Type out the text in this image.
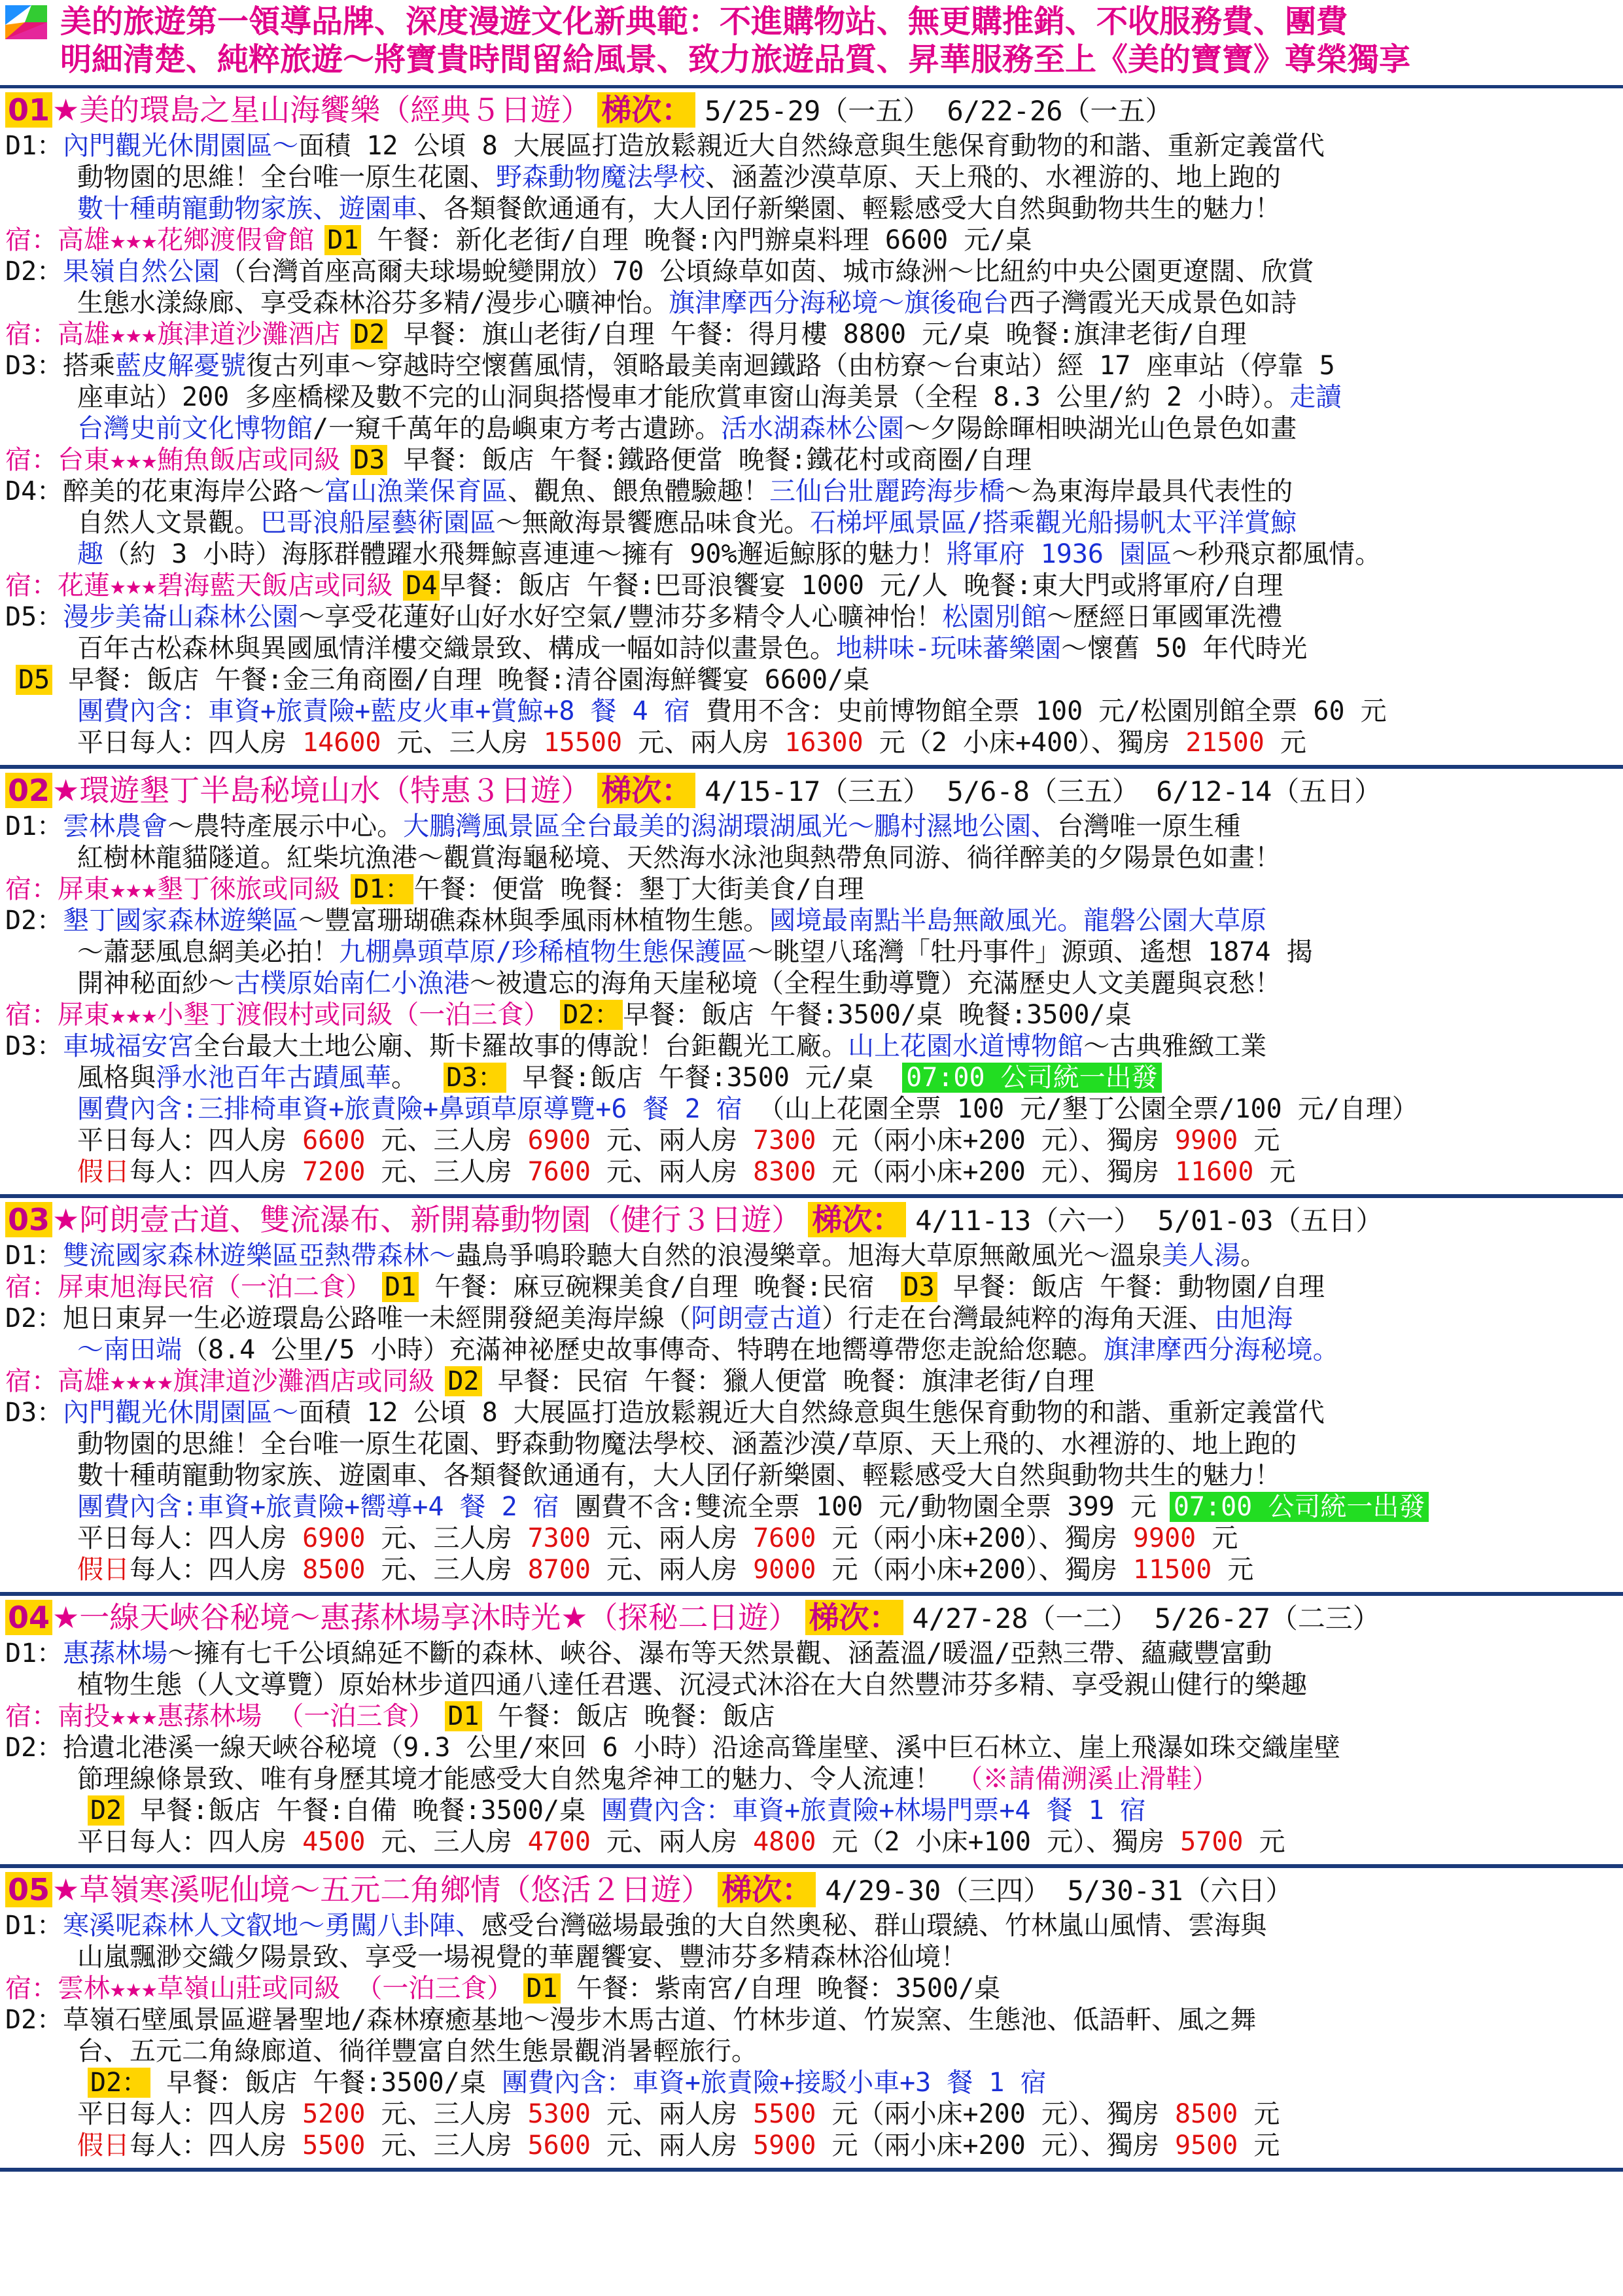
美的旅遊第一領導品牌、深度漫遊文化新典範：不進購物站、無更購推銷、不收服務費、團費
明細清楚、純粹旅遊～將寶貴時間留給風景、致力旅遊品質、昇華服務至上《美的寶寶》尊榮獨享
01★美的環島之星山海饗樂（經典５日遊） 梯次： 5/25-29（一五） 6/22-26（一五）
D1：內門觀光休閒園區～面積 12 公頃 8 大展區打造放鬆親近大自然綠意與生態保育動物的和諧、重新定義當代
動物園的思維！全台唯一原生花園、野森動物魔法學校、涵蓋沙漠草原、天上飛的、水裡游的、地上跑的
數十種萌寵動物家族、遊園車、各類餐飲通通有，大人囝仔新樂園、輕鬆感受大自然與動物共生的魅力！
宿：高雄★★★花鄉渡假會館 D1 午餐：新化老街/自理 晚餐:內門辦桌料理 6600 元/桌
D2：果嶺自然公園（台灣首座高爾夫球場蛻變開放）70 公頃綠草如茵、城市綠洲～比紐約中央公園更遼闊、欣賞
生態水漾綠廊、享受森林浴芬多精/漫步心曠神怡。旗津摩西分海秘境～旗後砲台西子灣霞光天成景色如詩
宿：高雄★★★旗津道沙灘酒店 D2 早餐：旗山老街/自理 午餐：得月樓 8800 元/桌 晚餐:旗津老街/自理
D3：搭乘藍皮解憂號復古列車～穿越時空懷舊風情，領略最美南迴鐵路（由枋寮～台東站）經 17 座車站（停靠 5
座車站）200 多座橋樑及數不完的山洞與搭慢車才能欣賞車窗山海美景（全程 8.3 公里/約 2 小時）。走讀
台灣史前文化博物館/一窺千萬年的島嶼東方考古遺跡。活水湖森林公園～夕陽餘暉相映湖光山色景色如畫
宿：台東★★★鮪魚飯店或同級 D3 早餐：飯店 午餐:鐵路便當 晚餐:鐵花村或商圈/自理
D4：醉美的花東海岸公路～富山漁業保育區、觀魚、餵魚體驗趣！三仙台壯麗跨海步橋～為東海岸最具代表性的
自然人文景觀。巴哥浪船屋藝術園區～無敵海景饗應品味食光。石梯坪風景區/搭乘觀光船揚帆太平洋賞鯨
趣（約 3 小時）海豚群體躍水飛舞鯨喜連連～擁有 90%邂逅鯨豚的魅力！將軍府 1936 園區～秒飛京都風情。
宿：花蓮★★★碧海藍天飯店或同級 D4 早餐：飯店 午餐:巴哥浪饗宴 1000 元/人 晚餐:東大門或將軍府/自理
D5：漫步美崙山森林公園～享受花蓮好山好水好空氣/豐沛芬多精令人心曠神怡！松園別館～歷經日軍國軍洗禮
百年古松森林與異國風情洋樓交織景致、構成一幅如詩似畫景色。地耕味-玩味蕃樂園～懷舊 50 年代時光
D5 早餐：飯店 午餐:金三角商圈/自理 晚餐:清谷園海鮮饗宴 6600/桌
團費內含：車資+旅責險+藍皮火車+賞鯨+8 餐 4 宿 費用不含：史前博物館全票 100 元/松園別館全票 60 元
平日每人：四人房 14600 元、三人房 15500 元、兩人房 16300 元（2 小床+400）、獨房 21500 元
02★環遊墾丁半島秘境山水（特惠３日遊） 梯次： 4/15-17（三五） 5/6-8（三五） 6/12-14（五日）
D1：雲林農會～農特產展示中心。大鵬灣風景區全台最美的潟湖環湖風光～鵬村濕地公園、台灣唯一原生種
紅樹林龍貓隧道。紅柴坑漁港～觀賞海龜秘境、天然海水泳池與熱帶魚同游、徜徉醉美的夕陽景色如畫！
宿：屏東★★★墾丁徠旅或同級 D1： 午餐：便當 晚餐：墾丁大街美食/自理
D2：墾丁國家森林遊樂區～豐富珊瑚礁森林與季風雨林植物生態。國境最南點半島無敵風光。龍磐公園大草原
～蕭瑟風息網美必拍！九棚鼻頭草原/珍稀植物生態保護區～眺望八瑤灣「牡丹事件」源頭、遙想 1874 揭
開神秘面紗～古樸原始南仁小漁港～被遺忘的海角天崖秘境（全程生動導覽）充滿歷史人文美麗與哀愁！
宿：屏東★★★小墾丁渡假村或同級（一泊三食） D2： 早餐：飯店 午餐:3500/桌 晚餐:3500/桌
D3：車城福安宮全台最大土地公廟、斯卡羅故事的傳說！台鉅觀光工廠。山上花園水道博物館～古典雅緻工業
風格與淨水池百年古蹟風華。 D3： 早餐:飯店 午餐:3500 元/桌 07:00 公司統一出發
團費內含:三排椅車資+旅責險+鼻頭草原導覽+6 餐 2 宿 （山上花園全票 100 元/墾丁公園全票/100 元/自理）
平日每人：四人房 6600 元、三人房 6900 元、兩人房 7300 元（兩小床+200 元）、獨房 9900 元
假日每人：四人房 7200 元、三人房 7600 元、兩人房 8300 元（兩小床+200 元）、獨房 11600 元
03★阿朗壹古道、雙流瀑布、新開幕動物園（健行３日遊） 梯次： 4/11-13（六一） 5/01-03（五日）
D1：雙流國家森林遊樂區亞熱帶森林～蟲鳥爭鳴聆聽大自然的浪漫樂章。旭海大草原無敵風光～溫泉美人湯。
宿：屏東旭海民宿（一泊二食） D1 午餐：麻豆碗粿美食/自理 晚餐:民宿 D3 早餐：飯店 午餐：動物園/自理
D2：旭日東昇一生必遊環島公路唯一未經開發絕美海岸線（阿朗壹古道）行走在台灣最純粹的海角天涯、由旭海
～南田端（8.4 公里/5 小時）充滿神祕歷史故事傳奇、特聘在地嚮導帶您走說給您聽。旗津摩西分海秘境。
宿：高雄★★★★旗津道沙灘酒店或同級 D2 早餐：民宿 午餐：獵人便當 晚餐：旗津老街/自理
D3：內門觀光休閒園區～面積 12 公頃 8 大展區打造放鬆親近大自然綠意與生態保育動物的和諧、重新定義當代
動物園的思維！全台唯一原生花園、野森動物魔法學校、涵蓋沙漠/草原、天上飛的、水裡游的、地上跑的
數十種萌寵動物家族、遊園車、各類餐飲通通有，大人囝仔新樂園、輕鬆感受大自然與動物共生的魅力！
團費內含:車資+旅責險+嚮導+4 餐 2 宿 團費不含:雙流全票 100 元/動物園全票 399 元 07:00 公司統一出發
平日每人：四人房 6900 元、三人房 7300 元、兩人房 7600 元（兩小床+200）、獨房 9900 元
假日每人：四人房 8500 元、三人房 8700 元、兩人房 9000 元（兩小床+200）、獨房 11500 元
04★一線天峽谷秘境～惠蓀林場享沐時光★（探秘二日遊） 梯次： 4/27-28（一二） 5/26-27（二三）
D1：惠蓀林場～擁有七千公頃綿延不斷的森林、峽谷、瀑布等天然景觀、涵蓋溫/暖溫/亞熱三帶、蘊藏豐富動
植物生態（人文導覽）原始林步道四通八達任君選、沉浸式沐浴在大自然豐沛芬多精、享受親山健行的樂趣
宿：南投★★★惠蓀林場 （一泊三食） D1 午餐：飯店 晚餐：飯店
D2：拾遺北港溪一線天峽谷秘境（9.3 公里/來回 6 小時）沿途高聳崖壁、溪中巨石林立、崖上飛瀑如珠交織崖壁
節理線條景致、唯有身歷其境才能感受大自然鬼斧神工的魅力、令人流連！ （※請備溯溪止滑鞋）
D2 早餐:飯店 午餐:自備 晚餐:3500/桌 團費內含：車資+旅責險+林場門票+4 餐 1 宿
平日每人：四人房 4500 元、三人房 4700 元、兩人房 4800 元（2 小床+100 元）、獨房 5700 元
05★草嶺寒溪呢仙境～五元二角鄉情（悠活２日遊） 梯次： 4/29-30（三四） 5/30-31（六日）
D1：寒溪呢森林人文叡地～勇闖八卦陣、感受台灣磁場最強的大自然奧秘、群山環繞、竹林嵐山風情、雲海與
山嵐飄渺交織夕陽景致、享受一場視覺的華麗饗宴、豐沛芬多精森林浴仙境！
宿：雲林★★★草嶺山莊或同級 （一泊三食） D1 午餐：紫南宮/自理 晚餐：3500/桌
D2：草嶺石壁風景區避暑聖地/森林療癒基地～漫步木馬古道、竹林步道、竹炭窯、生態池、低語軒、風之舞
台、五元二角綠廊道、徜徉豐富自然生態景觀消暑輕旅行。
D2： 早餐：飯店 午餐:3500/桌 團費內含：車資+旅責險+接駁小車+3 餐 1 宿
平日每人：四人房 5200 元、三人房 5300 元、兩人房 5500 元（兩小床+200 元）、獨房 8500 元
假日每人：四人房 5500 元、三人房 5600 元、兩人房 5900 元（兩小床+200 元）、獨房 9500 元
